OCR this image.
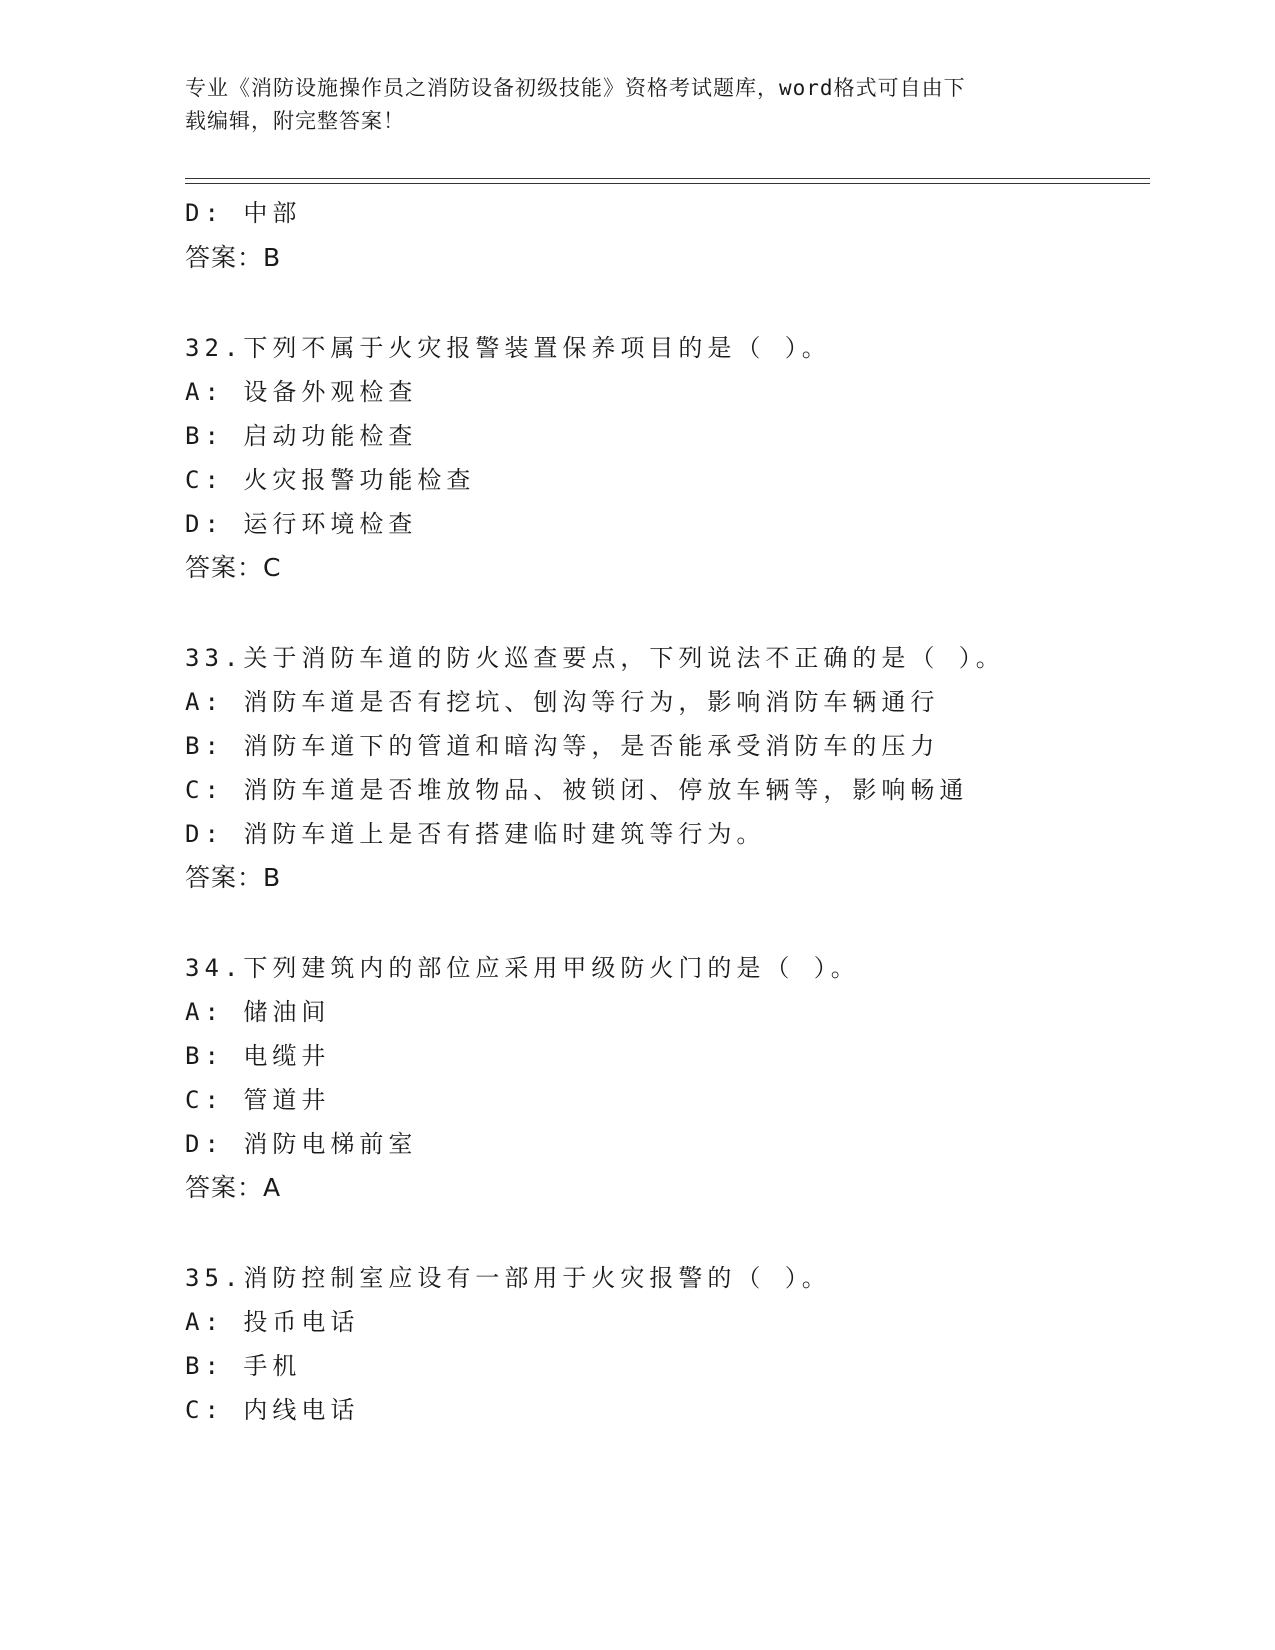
专业《消防设施操作员之消防设备初级技能》资格考试题库，word格式可自由下
载编辑，附完整答案！
D: 中部
答案：B
32.下列不属于火灾报警装置保养项目的是（ ）。
A: 设备外观检查
B: 启动功能检查
C: 火灾报警功能检查
D: 运行环境检查
答案：C
33.关于消防车道的防火巡查要点，下列说法不正确的是（ ）。
A: 消防车道是否有挖坑、刨沟等行为，影响消防车辆通行
B: 消防车道下的管道和暗沟等，是否能承受消防车的压力
C: 消防车道是否堆放物品、被锁闭、停放车辆等，影响畅通
D: 消防车道上是否有搭建临时建筑等行为。
答案：B
34.下列建筑内的部位应采用甲级防火门的是（ ）。
A: 储油间
B: 电缆井
C: 管道井
D: 消防电梯前室
答案：A
35.消防控制室应设有一部用于火灾报警的（ ）。
A: 投币电话
B: 手机
C: 内线电话
